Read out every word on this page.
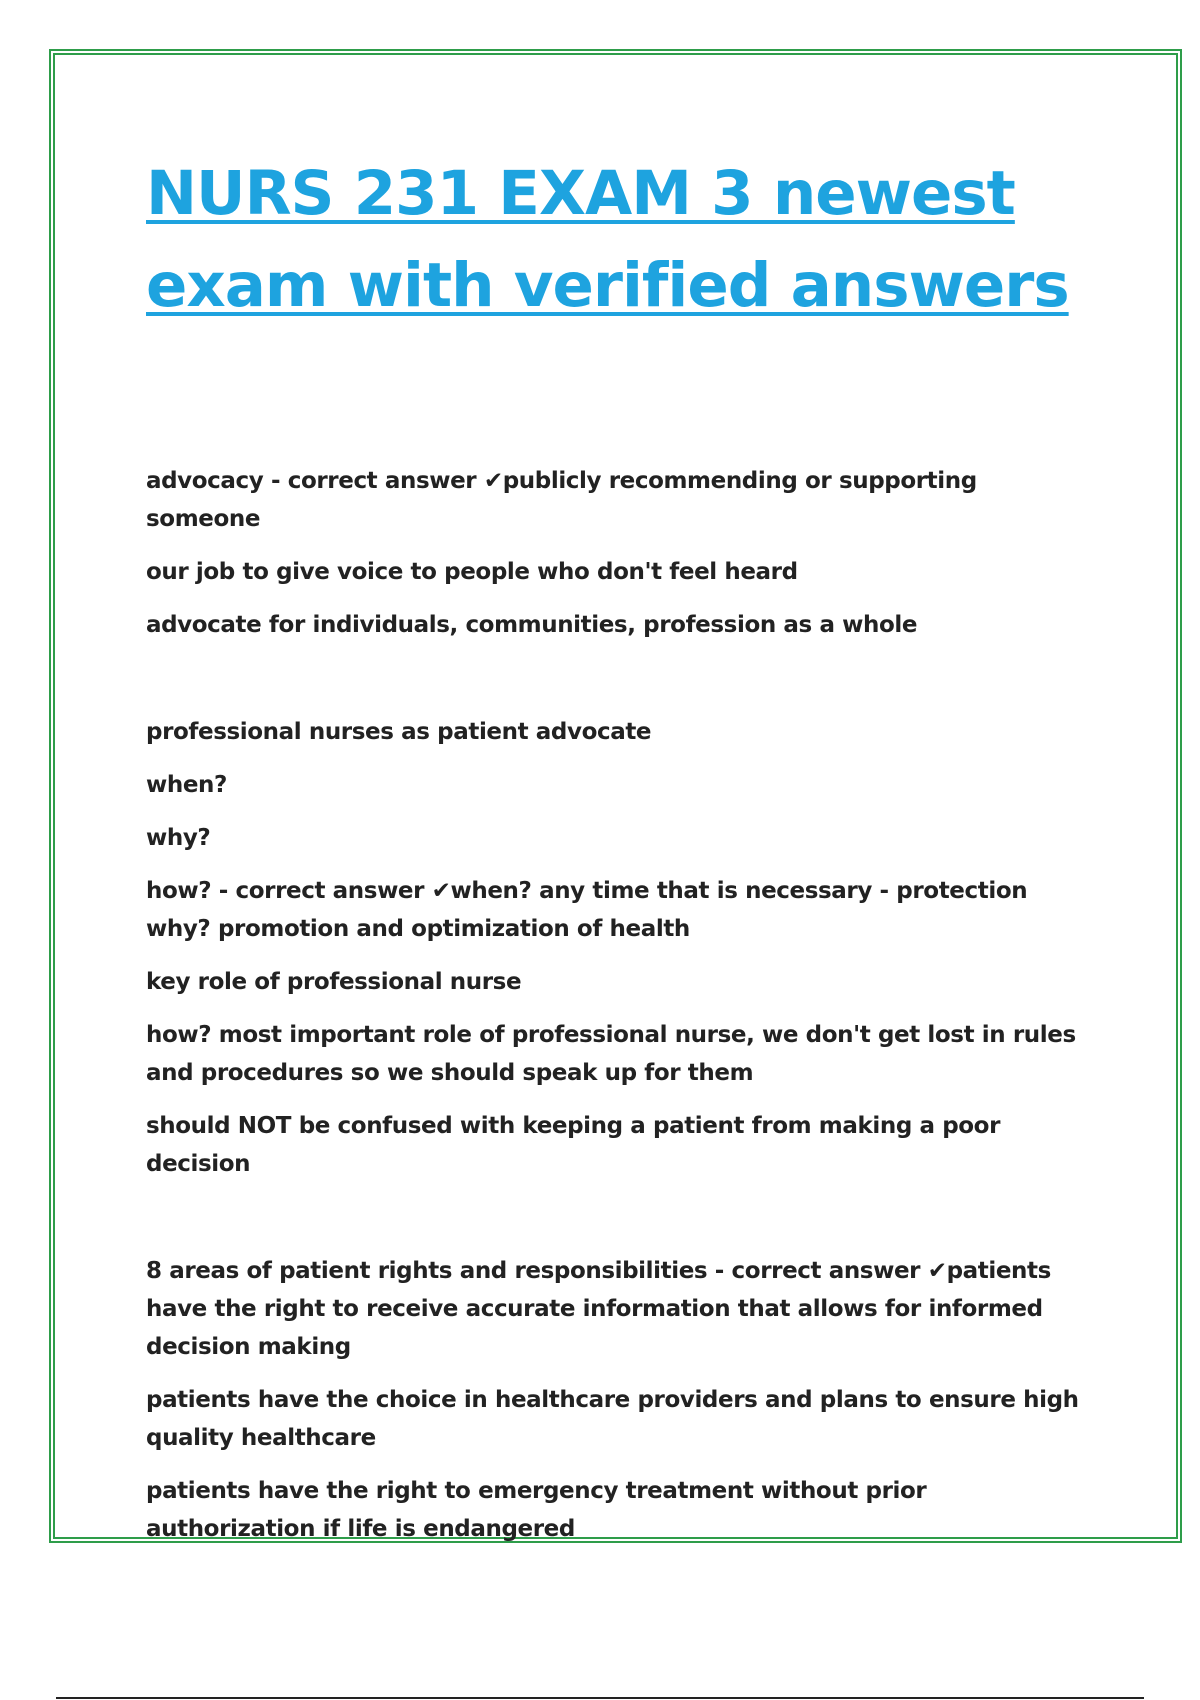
NURS 231 EXAM 3 newest
exam with verified answers

advocacy - correct answer ✔publicly recommending or supporting someone

our job to give voice to people who don't feel heard

advocate for individuals, communities, profession as a whole

professional nurses as patient advocate

when?

why?

how? - correct answer ✔when? any time that is necessary - protection why? promotion and optimization of health

key role of professional nurse

how? most important role of professional nurse, we don't get lost in rules and procedures so we should speak up for them

should NOT be confused with keeping a patient from making a poor decision

8 areas of patient rights and responsibilities - correct answer ✔patients have the right to receive accurate information that allows for informed decision making

patients have the choice in healthcare providers and plans to ensure high quality healthcare

patients have the right to emergency treatment without prior authorization if life is endangered
